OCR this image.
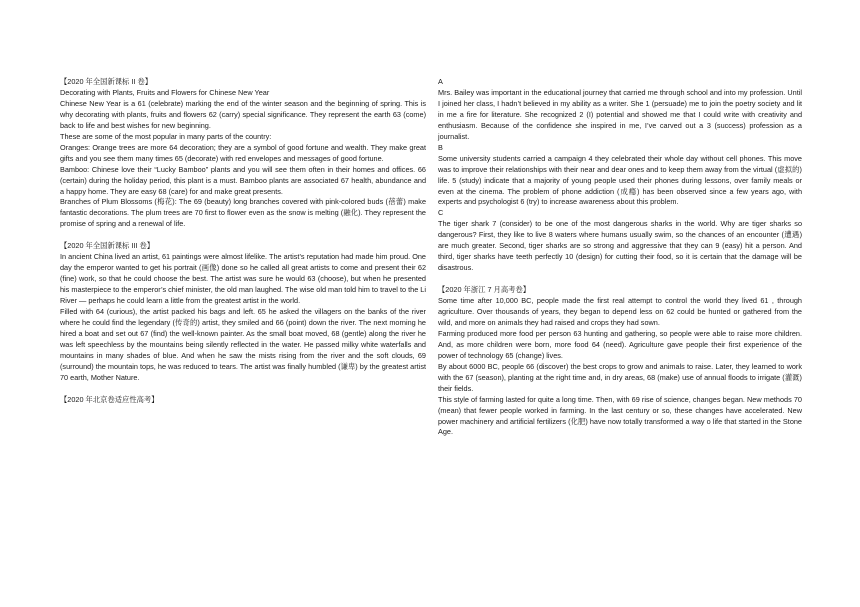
【2020 年全国新课标 II 卷】

Decorating with Plants, Fruits and Flowers for Chinese New Year

Chinese New Year is a 61 (celebrate) marking the end of the winter season and the beginning of spring. This is why decorating with plants, fruits and flowers 62 (carry) special significance. They represent the earth 63 (come) back to life and best wishes for new beginning.

These are some of the most popular in many parts of the country:

Oranges: Orange trees are more 64 decoration; they are a symbol of good fortune and wealth. They make great gifts and you see them many times 65 (decorate) with red envelopes and messages of good fortune.

Bamboo: Chinese love their “Lucky Bamboo” plants and you will see them often in their homes and offices. 66 (certain) during the holiday period, this plant is a must. Bamboo plants are associated 67 health, abundance and a happy home. They are easy 68 (care) for and make great presents.

Branches of Plum Blossoms (梅花): The 69 (beauty) long branches covered with pink-colored buds (蓓蕾) make fantastic decorations. The plum trees are 70 first to flower even as the snow is melting (融化). They represent the promise of spring and a renewal of life.

【2020 年全国新课标 III 卷】

In ancient China lived an artist, 61 paintings were almost lifelike. The artist’s reputation had made him proud. One day the emperor wanted to get his portrait (画像) done so he called all great artists to come and present their 62 (fine) work, so that he could choose the best. The artist was sure he would 63 (choose), but when he presented his masterpiece to the emperor’s chief minister, the old man laughed. The wise old man told him to travel to the Li River — perhaps he could learn a little from the greatest artist in the world.

Filled with 64 (curious), the artist packed his bags and left. 65 he asked the villagers on the banks of the river where he could find the legendary (传奇的) artist, they smiled and 66 (point) down the river. The next morning he hired a boat and set out 67 (find) the well-known painter. As the small boat moved, 68 (gentle) along the river he was left speechless by the mountains being silently reflected in the water. He passed milky white waterfalls and mountains in many shades of blue. And when he saw the mists rising from the river and the soft clouds, 69 (surround) the mountain tops, he was reduced to tears. The artist was finally humbled (谦卑) by the greatest artist 70 earth, Mother Nature.

【2020 年北京卷适应性高考】

A

Mrs. Bailey was important in the educational journey that carried me through school and into my profession. Until I joined her class, I hadn’t believed in my ability as a writer. She 1 (persuade) me to join the poetry society and lit in me a fire for literature. She recognized 2 (I) potential and showed me that I could write with creativity and enthusiasm. Because of the confidence she inspired in me, I’ve carved out a 3 (success) profession as a journalist.

B

Some university students carried a campaign 4 they celebrated their whole day without cell phones. This move was to improve their relationships with their near and dear ones and to keep them away from the virtual (虚拟的) life. 5 (study) indicate that a majority of young people used their phones during lessons, over family meals or even at the cinema. The problem of phone addiction (成瘾) has been observed since a few years ago, with experts and psychologist 6 (try) to increase awareness about this problem.

C

The tiger shark 7 (consider) to be one of the most dangerous sharks in the world. Why are tiger sharks so dangerous? First, they like to live 8 waters where humans usually swim, so the chances of an encounter (遭遇) are much greater. Second, tiger sharks are so strong and aggressive that they can 9 (easy) hit a person. And third, tiger sharks have teeth perfectly 10 (design) for cutting their food, so it is certain that the damage will be disastrous.

【2020 年浙江 7 月高考卷】

Some time after 10,000 BC, people made the first real attempt to control the world they lived 61 , through agriculture. Over thousands of years, they began to depend less on 62 could be hunted or gathered from the wild, and more on animals they had raised and crops they had sown.

Farming produced more food per person 63 hunting and gathering, so people were able to raise more children. And, as more children were born, more food 64 (need). Agriculture gave people their first experience of the power of technology 65 (change) lives.

By about 6000 BC, people 66 (discover) the best crops to grow and animals to raise. Later, they learned to work with the 67 (season), planting at the right time and, in dry areas, 68 (make) use of annual floods to irrigate (灌溉) their fields.

This style of farming lasted for quite a long time. Then, with 69 rise of science, changes began. New methods 70 (mean) that fewer people worked in farming. In the last century or so, these changes have accelerated. New power machinery and artificial fertilizers (化肥) have now totally transformed a way o life that started in the Stone Age.
